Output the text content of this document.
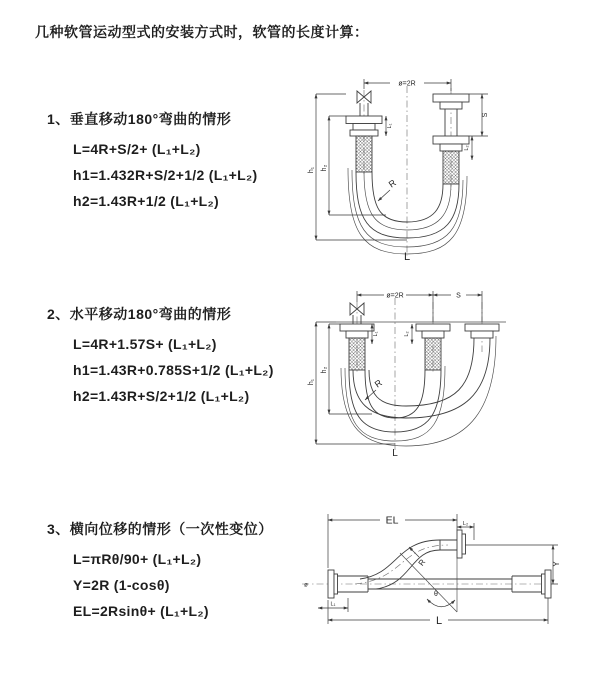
几种软管运动型式的安装方式时，软管的长度计算：
1、垂直移动180°弯曲的情形
L=4R+S/2+ (L₁+L₂)
h1=1.432R+S/2+1/2 (L₁+L₂)
h2=1.43R+1/2 (L₁+L₂)
2、水平移动180°弯曲的情形
L=4R+1.57S+ (L₁+L₂)
h1=1.43R+0.785S+1/2 (L₁+L₂)
h2=1.43R+S/2+1/2 (L₁+L₂)
3、横向位移的情形（一次性变位）
L=πRθ/90+ (L₁+L₂)
Y=2R (1-cosθ)
EL=2Rsinθ+ (L₁+L₂)
ø=2R
S
L₂
L₁
h₁ h₂
R
L
ø=2R	S
L₁	L₂
h₁
h₂
R
L
EL	L₂
Y
θ
R
L₁
L
ø
